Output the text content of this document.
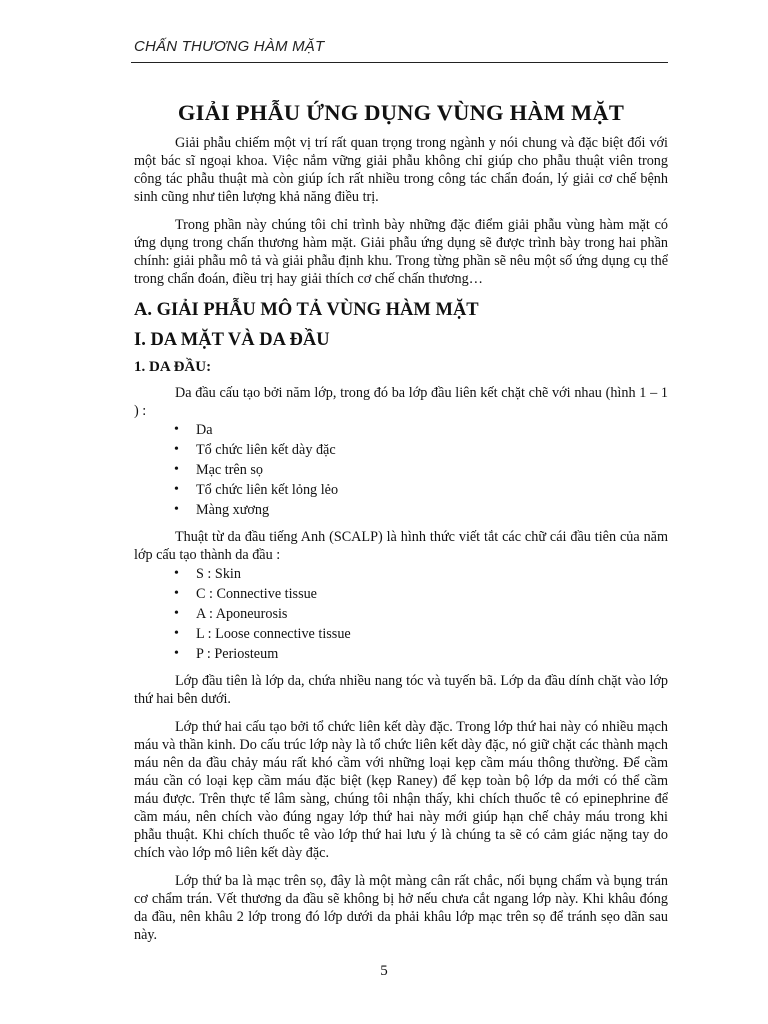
CHẤN THƯƠNG HÀM MẶT
GIẢI PHẪU ỨNG DỤNG VÙNG HÀM MẶT

Giải phẫu chiếm một vị trí rất quan trọng trong ngành y nói chung và đặc biệt đối với một bác sĩ ngoại khoa. Việc nắm vững giải phẫu không chỉ giúp cho phẫu thuật viên trong công tác phẫu thuật mà còn giúp ích rất nhiều trong công tác chẩn đoán, lý giải cơ chế bệnh sinh cũng như tiên lượng khả năng điều trị.

Trong phần này chúng tôi chỉ trình bày những đặc điểm giải phẫu vùng hàm mặt có ứng dụng trong chấn thương hàm mặt. Giải phẫu ứng dụng sẽ được trình bày trong hai phần chính: giải phẫu mô tả và giải phẫu định khu. Trong từng phần sẽ nêu một số ứng dụng cụ thể trong chẩn đoán, điều trị hay giải thích cơ chế chấn thương…

A. GIẢI PHẪU MÔ TẢ VÙNG HÀM MẶT
I. DA MẶT VÀ DA ĐẦU
1. DA ĐẦU:

Da đầu cấu tạo bởi năm lớp, trong đó ba lớp đầu liên kết chặt chẽ với nhau (hình 1 – 1 ) :

• Da
• Tổ chức liên kết dày đặc
• Mạc trên sọ
• Tổ chức liên kết lỏng lẻo
• Màng xương

Thuật từ da đầu tiếng Anh (SCALP) là hình thức viết tắt các chữ cái đầu tiên của năm lớp cấu tạo thành da đầu :

• S : Skin
• C : Connective tissue
• A : Aponeurosis
• L : Loose connective tissue
• P : Periosteum

Lớp đầu tiên là lớp da, chứa nhiều nang tóc và tuyến bã. Lớp da đầu dính chặt vào lớp thứ hai bên dưới.

Lớp thứ hai cấu tạo bởi tổ chức liên kết dày đặc. Trong lớp thứ hai này có nhiều mạch máu và thần kinh. Do cấu trúc lớp này là tổ chức liên kết dày đặc, nó giữ chặt các thành mạch máu nên da đầu chảy máu rất khó cầm với những loại kẹp cầm máu thông thường. Để cầm máu cần có loại kẹp cầm máu đặc biệt (kẹp Raney) để kẹp toàn bộ lớp da mới có thể cầm máu được. Trên thực tế lâm sàng, chúng tôi nhận thấy, khi chích thuốc tê có epinephrine để cầm máu, nên chích vào đúng ngay lớp thứ hai này mới giúp hạn chế chảy máu trong khi phẫu thuật. Khi chích thuốc tê vào lớp thứ hai lưu ý là chúng ta sẽ có cảm giác nặng tay do chích vào lớp mô liên kết dày đặc.

Lớp thứ ba là mạc trên sọ, đây là một màng cân rất chắc, nối bụng chẩm và bụng trán cơ chẩm trán. Vết thương da đầu sẽ không bị hở nếu chưa cắt ngang lớp này. Khi khâu đóng da đầu, nên khâu 2 lớp trong đó lớp dưới da phải khâu lớp mạc trên sọ để tránh sẹo dãn sau này.

5
